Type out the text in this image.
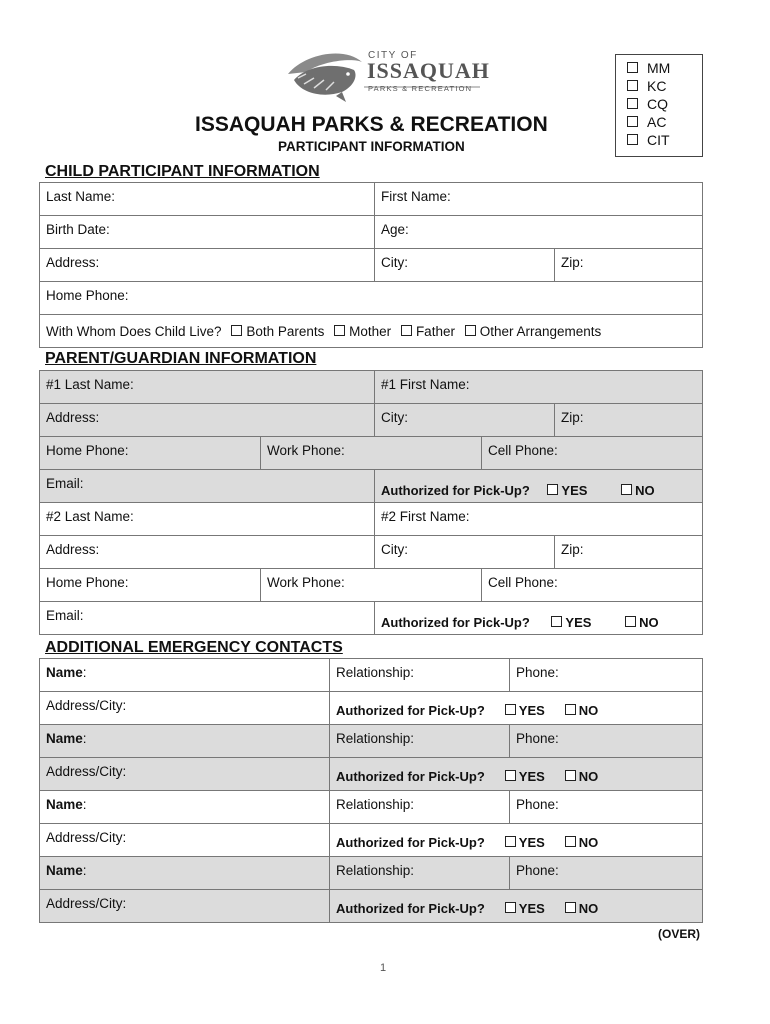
CITY OF
ISSAQUAH
PARKS & RECREATION
ISSAQUAH PARKS & RECREATION
PARTICIPANT INFORMATION
MM
KC
CQ
AC
CIT
CHILD PARTICIPANT INFORMATION
Last Name:	First Name:	

Birth Date:	Age:	

Address:	City:	Zip:

Home Phone:		

With Whom Does Child Live? Both Parents Mother Father Other Arrangements		
PARENT/GUARDIAN INFORMATION
#1 Last Name:		#1 First Name:		

Address:		City:		Zip:

Home Phone:	Work Phone:		Cell Phone:	

Email:		Authorized for Pick-Up? YES NO		

#2 Last Name:		#2 First Name:		

Address:		City:		Zip:

Home Phone:	Work Phone:		Cell Phone:	

Email:		Authorized for Pick-Up? YES NO		
ADDITIONAL EMERGENCY CONTACTS
Name:	Relationship:	Phone:

Address/City:	Authorized for Pick-Up? YES NO	

Name:	Relationship:	Phone:

Address/City:	Authorized for Pick-Up? YES NO	

Name:	Relationship:	Phone:

Address/City:	Authorized for Pick-Up? YES NO	

Name:	Relationship:	Phone:

Address/City:	Authorized for Pick-Up? YES NO	
(OVER)
1
